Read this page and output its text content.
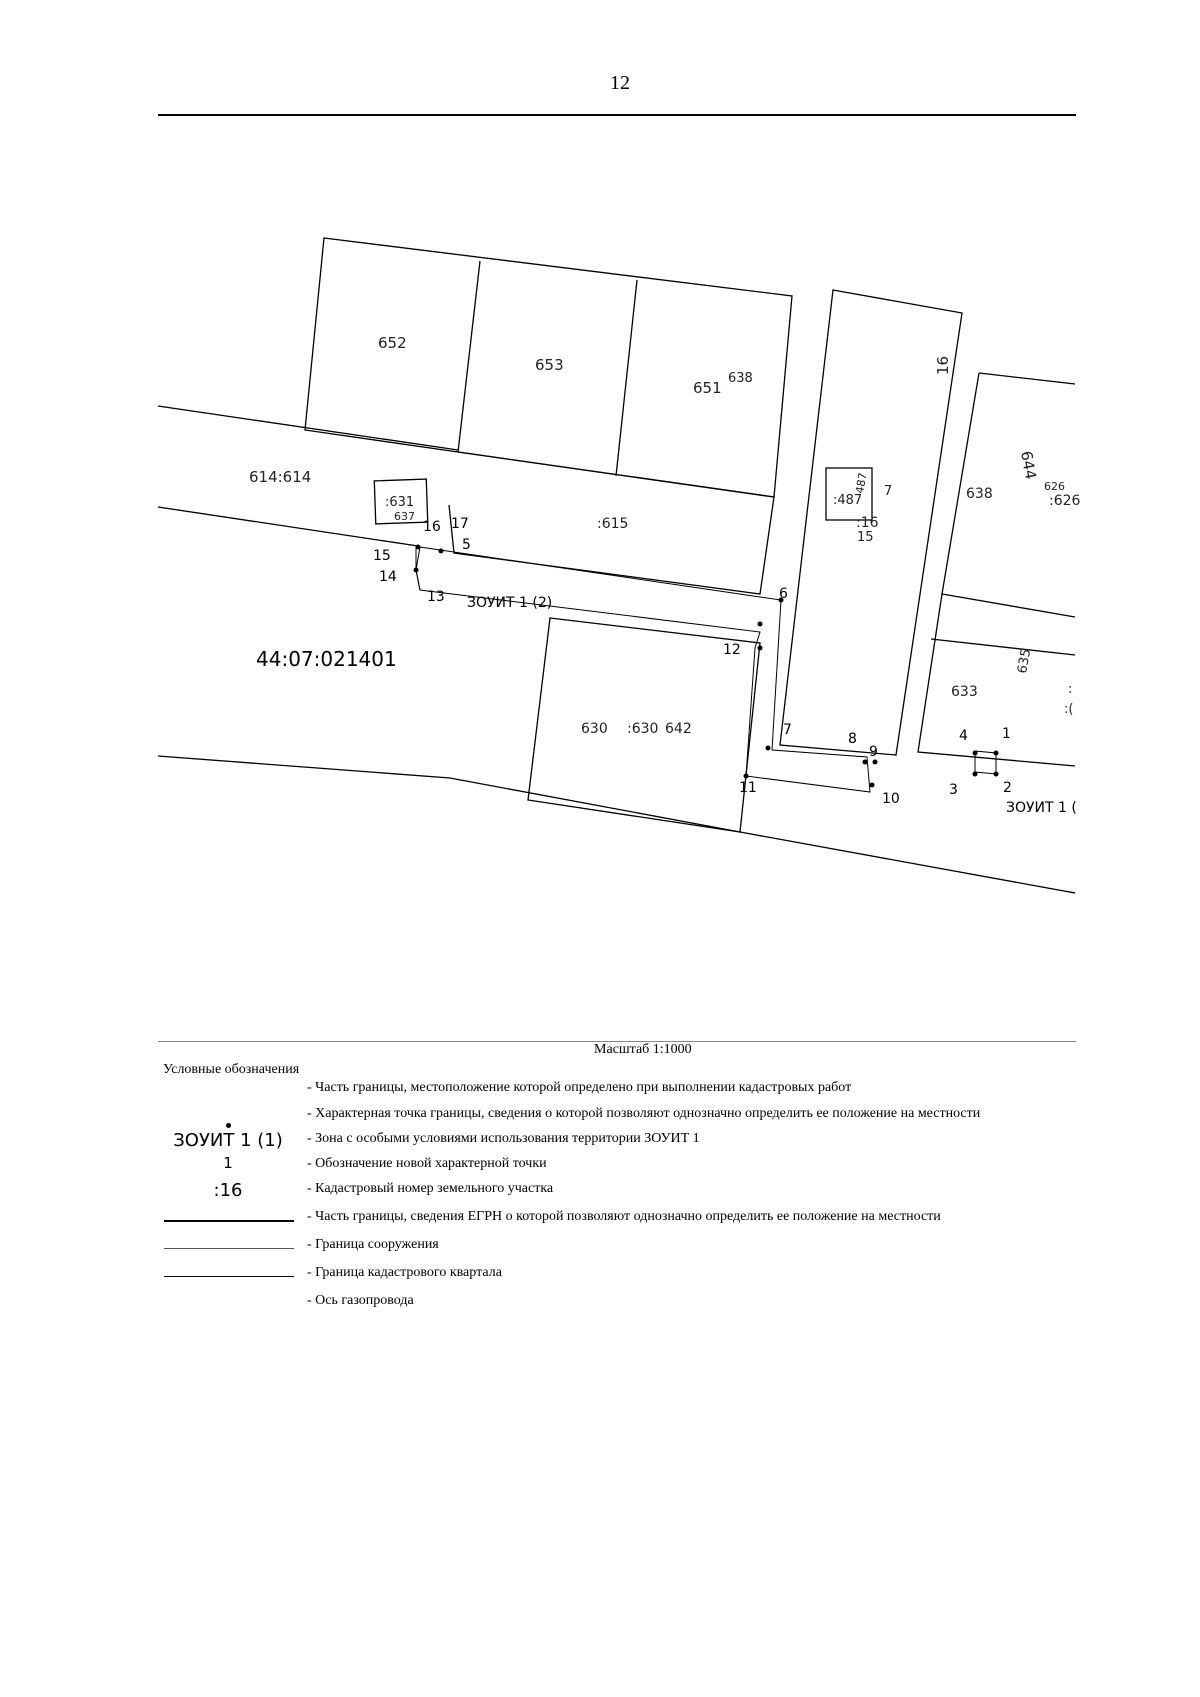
12
652
653
651
638
16
614:614
:631
637	:615
:487
487 7
:16
15
638
644
:626
626
630 :630 642
633
635
:
:(
44:07:021401
ЗОУИТ 1 (2)
ЗОУИТ 1 (
1
2
3
4
5
6
7
8
9
10
11
12
13
14
15
16 17
Масштаб 1:1000
Условные обозначения
- Часть границы, местоположение которой определено при выполнении кадастровых работ
- Характерная точка границы, сведения о которой позволяют однозначно определить ее положение на местности
ЗОУИТ 1 (1)	- Зона с особыми условиями использования территории ЗОУИТ 1
1	- Обозначение новой характерной точки
:16	- Кадастровый номер земельного участка
- Часть границы, сведения ЕГРН о которой позволяют однозначно определить ее положение на местности
- Граница сооружения
- Граница кадастрового квартала
- Ось газопровода
